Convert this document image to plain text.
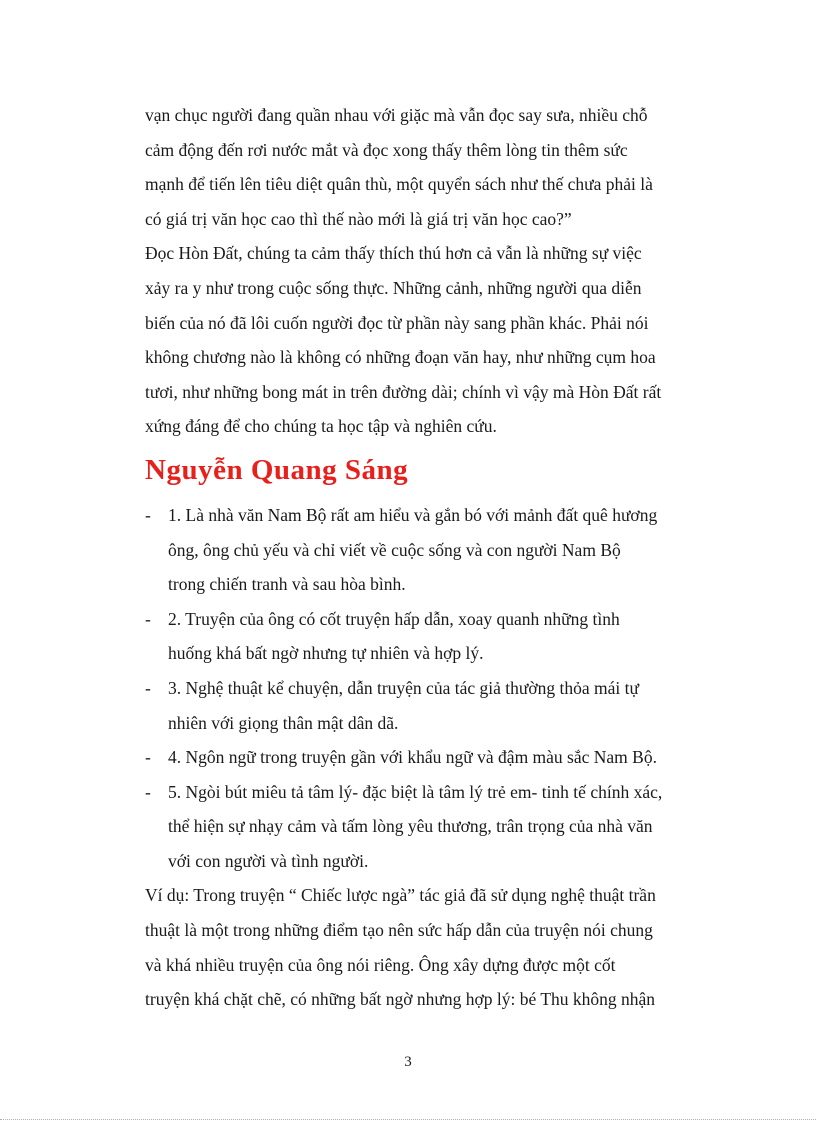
vạn chục người đang quần nhau với giặc mà vẫn đọc say sưa, nhiều chỗ

cảm động đến rơi nước mắt và đọc xong thấy thêm lòng tin thêm sức

mạnh để tiến lên tiêu diệt quân thù, một quyển sách như thế chưa phải là

có giá trị văn học cao thì thế nào mới là giá trị văn học cao?”

Đọc Hòn Đất, chúng ta cảm thấy thích thú hơn cả vẫn là những sự việc

xảy ra y như trong cuộc sống thực. Những cảnh, những người qua diễn

biến của nó đã lôi cuốn người đọc từ phần này sang phần khác. Phải nói

không chương nào là không có những đoạn văn hay, như những cụm hoa

tươi, như những bong mát in trên đường dài; chính vì vậy mà Hòn Đất rất

xứng đáng để cho chúng ta học tập và nghiên cứu.

Nguyễn Quang Sáng
- 1. Là nhà văn Nam Bộ rất am hiểu và gắn bó với mảnh đất quê hương
ông, ông chủ yếu và chỉ viết về cuộc sống và con người Nam Bộ
trong chiến tranh và sau hòa bình.
- 2. Truyện của ông có cốt truyện hấp dẫn, xoay quanh những tình
huống khá bất ngờ nhưng tự nhiên và hợp lý.
- 3. Nghệ thuật kể chuyện, dẫn truyện của tác giả thường thỏa mái tự
nhiên với giọng thân mật dân dã.
- 4. Ngôn ngữ trong truyện gần với khẩu ngữ và đậm màu sắc Nam Bộ.
- 5. Ngòi bút miêu tả tâm lý- đặc biệt là tâm lý trẻ em- tinh tế chính xác,
thể hiện sự nhạy cảm và tấm lòng yêu thương, trân trọng của nhà văn
với con người và tình người.

Ví dụ: Trong truyện “ Chiếc lược ngà” tác giả đã sử dụng nghệ thuật trần

thuật là một trong những điểm tạo nên sức hấp dẫn của truyện nói chung

và khá nhiều truyện của ông nói riêng. Ông xây dựng được một cốt

truyện khá chặt chẽ, có những bất ngờ nhưng hợp lý: bé Thu không nhận

3
